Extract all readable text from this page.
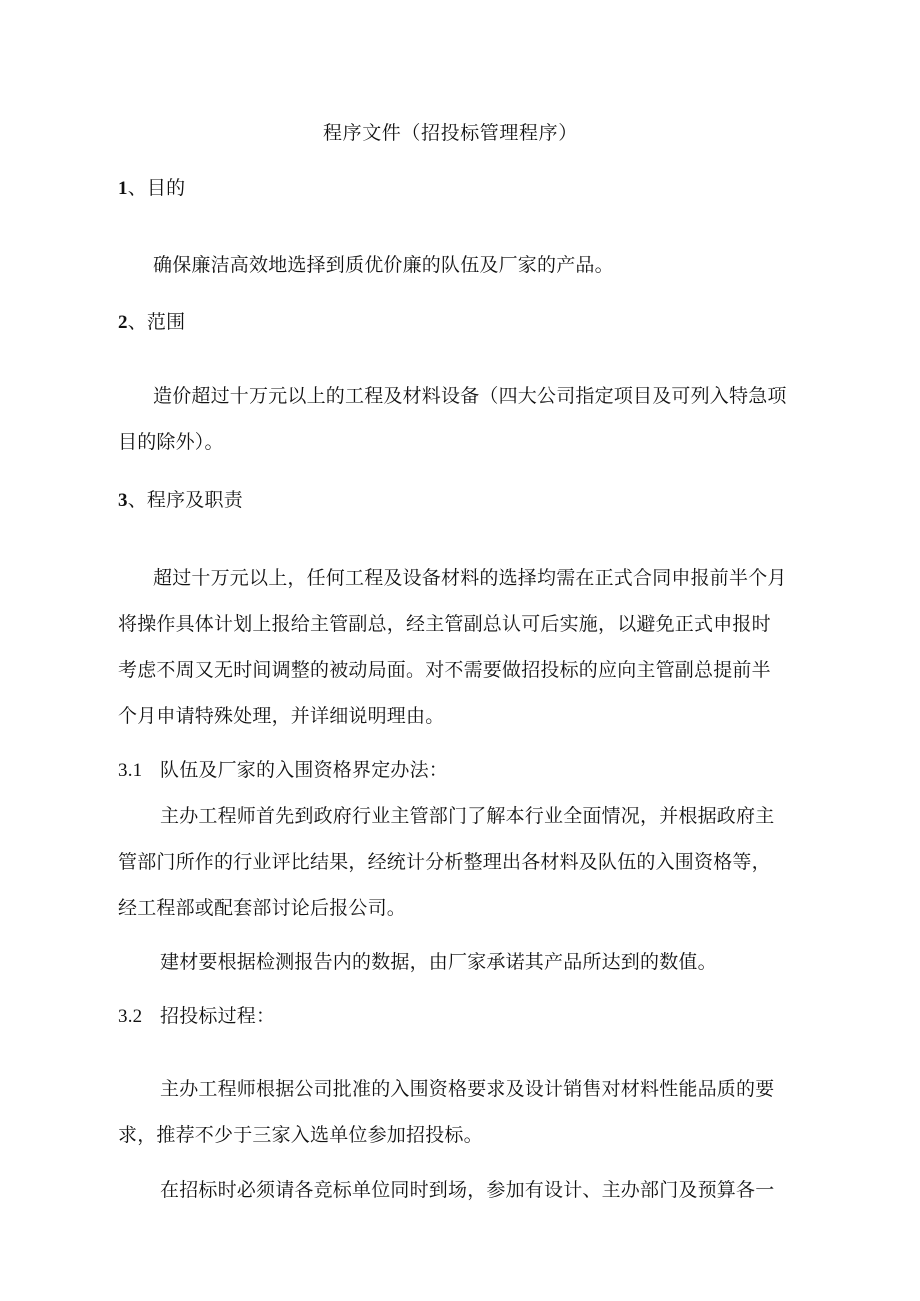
程序文件（招投标管理程序）
1、目的
确保廉洁高效地选择到质优价廉的队伍及厂家的产品。
2、范围
造价超过十万元以上的工程及材料设备（四大公司指定项目及可列入特急项
目的除外）。
3、程序及职责
超过十万元以上，任何工程及设备材料的选择均需在正式合同申报前半个月
将操作具体计划上报给主管副总，经主管副总认可后实施，以避免正式申报时
考虑不周又无时间调整的被动局面。对不需要做招投标的应向主管副总提前半
个月申请特殊处理，并详细说明理由。
3.1 队伍及厂家的入围资格界定办法：
主办工程师首先到政府行业主管部门了解本行业全面情况，并根据政府主
管部门所作的行业评比结果，经统计分析整理出各材料及队伍的入围资格等，
经工程部或配套部讨论后报公司。
建材要根据检测报告内的数据，由厂家承诺其产品所达到的数值。
3.2 招投标过程：
主办工程师根据公司批准的入围资格要求及设计销售对材料性能品质的要
求，推荐不少于三家入选单位参加招投标。
在招标时必须请各竞标单位同时到场，参加有设计、主办部门及预算各一
